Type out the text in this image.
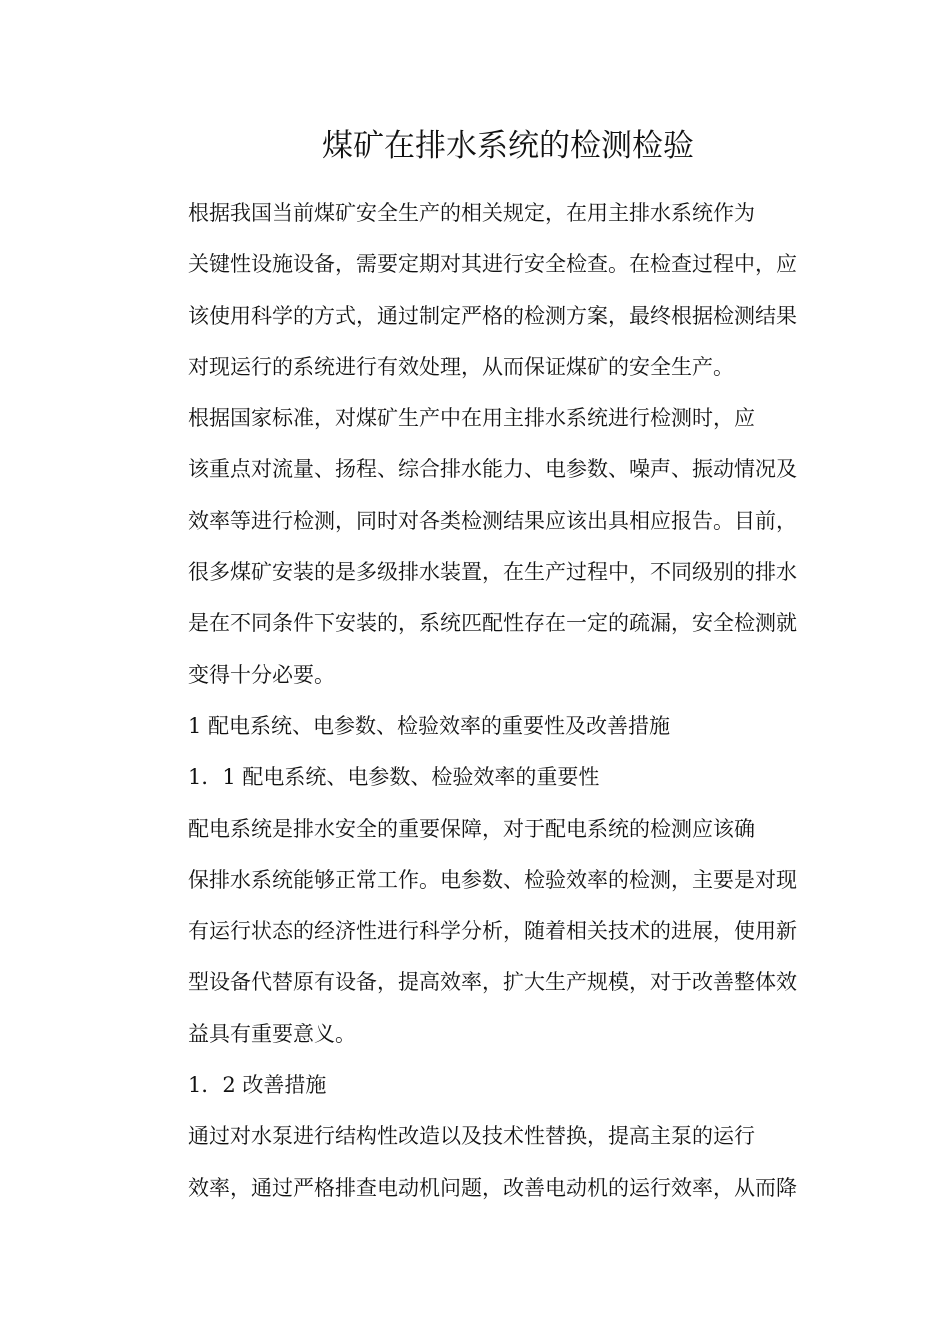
煤矿在排水系统的检测检验

根据我国当前煤矿安全生产的相关规定，在用主排水系统作为
关键性设施设备，需要定期对其进行安全检查。在检查过程中，应
该使用科学的方式，通过制定严格的检测方案，最终根据检测结果
对现运行的系统进行有效处理，从而保证煤矿的安全生产。

根据国家标准，对煤矿生产中在用主排水系统进行检测时，应
该重点对流量、扬程、综合排水能力、电参数、噪声、振动情况及
效率等进行检测，同时对各类检测结果应该出具相应报告。目前，
很多煤矿安装的是多级排水装置，在生产过程中，不同级别的排水
是在不同条件下安装的，系统匹配性存在一定的疏漏，安全检测就
变得十分必要。

1 配电系统、电参数、检验效率的重要性及改善措施

1．1 配电系统、电参数、检验效率的重要性

配电系统是排水安全的重要保障，对于配电系统的检测应该确
保排水系统能够正常工作。电参数、检验效率的检测，主要是对现
有运行状态的经济性进行科学分析，随着相关技术的进展，使用新
型设备代替原有设备，提高效率，扩大生产规模，对于改善整体效
益具有重要意义。

1．2 改善措施

通过对水泵进行结构性改造以及技术性替换，提高主泵的运行
效率，通过严格排查电动机问题，改善电动机的运行效率，从而降
